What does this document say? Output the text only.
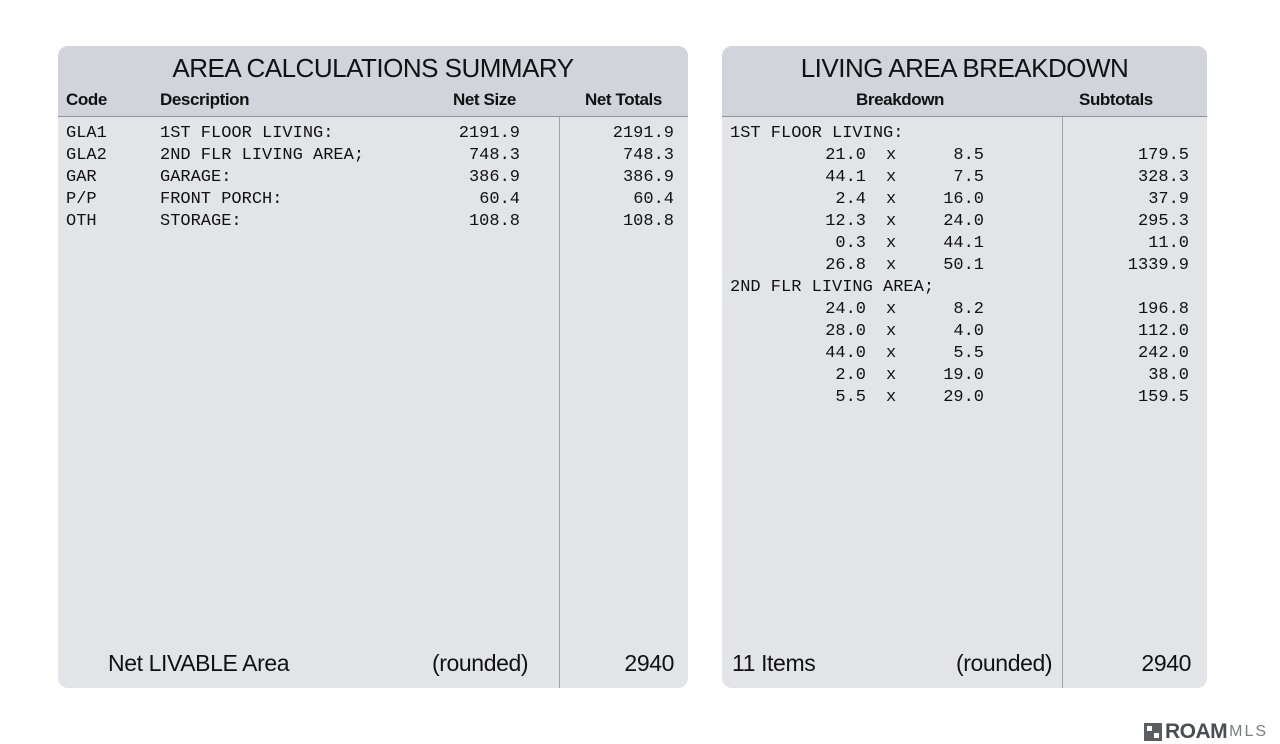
AREA CALCULATIONS SUMMARY
Code	Description	Net Size	Net Totals
GLA1	1ST FLOOR LIVING:	2191.9	2191.9
GLA2	2ND FLR LIVING AREA;	748.3	748.3
GAR	GARAGE:	386.9	386.9
P/P	FRONT PORCH:	60.4	60.4
OTH	STORAGE:	108.8	108.8
Net LIVABLE Area	(rounded)	2940
LIVING AREA BREAKDOWN
Breakdown	Subtotals
1ST FLOOR LIVING:
21.0 x	8.5	179.5
44.1 x	7.5	328.3
2.4 x	16.0	37.9
12.3 x	24.0	295.3
0.3 x	44.1	11.0
26.8 x	50.1	1339.9
2ND FLR LIVING AREA;
24.0 x	8.2	196.8
28.0 x	4.0	112.0
44.0 x	5.5	242.0
2.0 x	19.0	38.0
5.5 x	29.0	159.5
11 Items	(rounded)	2940
ROAM MLS
